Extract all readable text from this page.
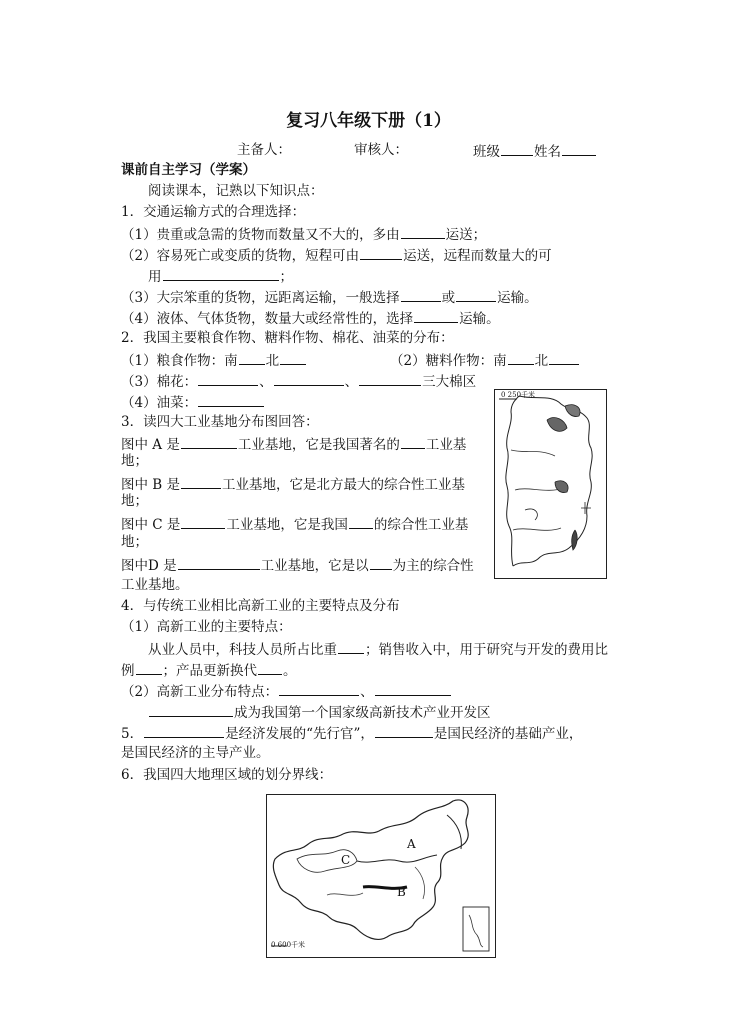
复习八年级下册（1）
主备人：	审核人：	班级	姓名
课前自主学习（学案）
阅读课本，记熟以下知识点：
1．交通运输方式的合理选择：
（1）贵重或急需的货物而数量又不大的，多由	运送；
（2）容易死亡或变质的货物，短程可由	运送，远程而数量大的可
用	；
（3）大宗笨重的货物，远距离运输，一般选择	或	运输。
（4）液体、气体货物，数量大或经常性的，选择	运输。
2．我国主要粮食作物、糖料作物、棉花、油菜的分布：
（1）粮食作物：南 北	（2）糖料作物：南 北
（3）棉花：	、	、	三大棉区
（4）油菜：
3．读四大工业基地分布图回答：
图中 A 是	工业基地，它是我国著名的 工业基
地；
图中 B 是	工业基地，它是北方最大的综合性工业基
地；
图中 C 是	工业基地，它是我国 的综合性工业基
地；
图中D 是	工业基地，它是以 为主的综合性
工业基地。
0 250千米
4．与传统工业相比高新工业的主要特点及分布
（1）高新工业的主要特点：
从业人员中，科技人员所占比重 ；销售收入中，用于研究与开发的费用比
例 ；产品更新换代 。
（2）高新工业分布特点：	、
成为我国第一个国家级高新技术产业开发区
5．	是经济发展的“先行官”，	是国民经济的基础产业，
是国民经济的主导产业。
6．我国四大地理区域的划分界线：
A
B
C
0 600千米
